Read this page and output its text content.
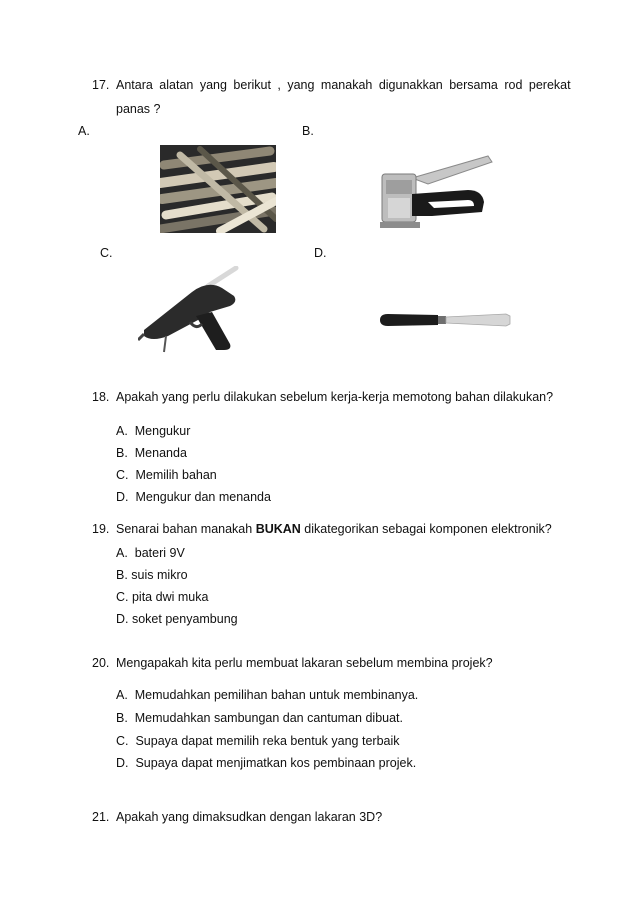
17. Antara alatan yang berikut , yang manakah digunakkan bersama rod perekat
panas ?
A.	B.
C.	D.
18. Apakah yang perlu dilakukan sebelum kerja-kerja memotong bahan dilakukan?
A. Mengukur
B. Menanda
C. Memilih bahan
D. Mengukur dan menanda
19. Senarai bahan manakah BUKAN dikategorikan sebagai komponen elektronik?
A. bateri 9V
B. suis mikro
C. pita dwi muka
D. soket penyambung
20. Mengapakah kita perlu membuat lakaran sebelum membina projek?
A. Memudahkan pemilihan bahan untuk membinanya.
B. Memudahkan sambungan dan cantuman dibuat.
C. Supaya dapat memilih reka bentuk yang terbaik
D. Supaya dapat menjimatkan kos pembinaan projek.
21. Apakah yang dimaksudkan dengan lakaran 3D?
